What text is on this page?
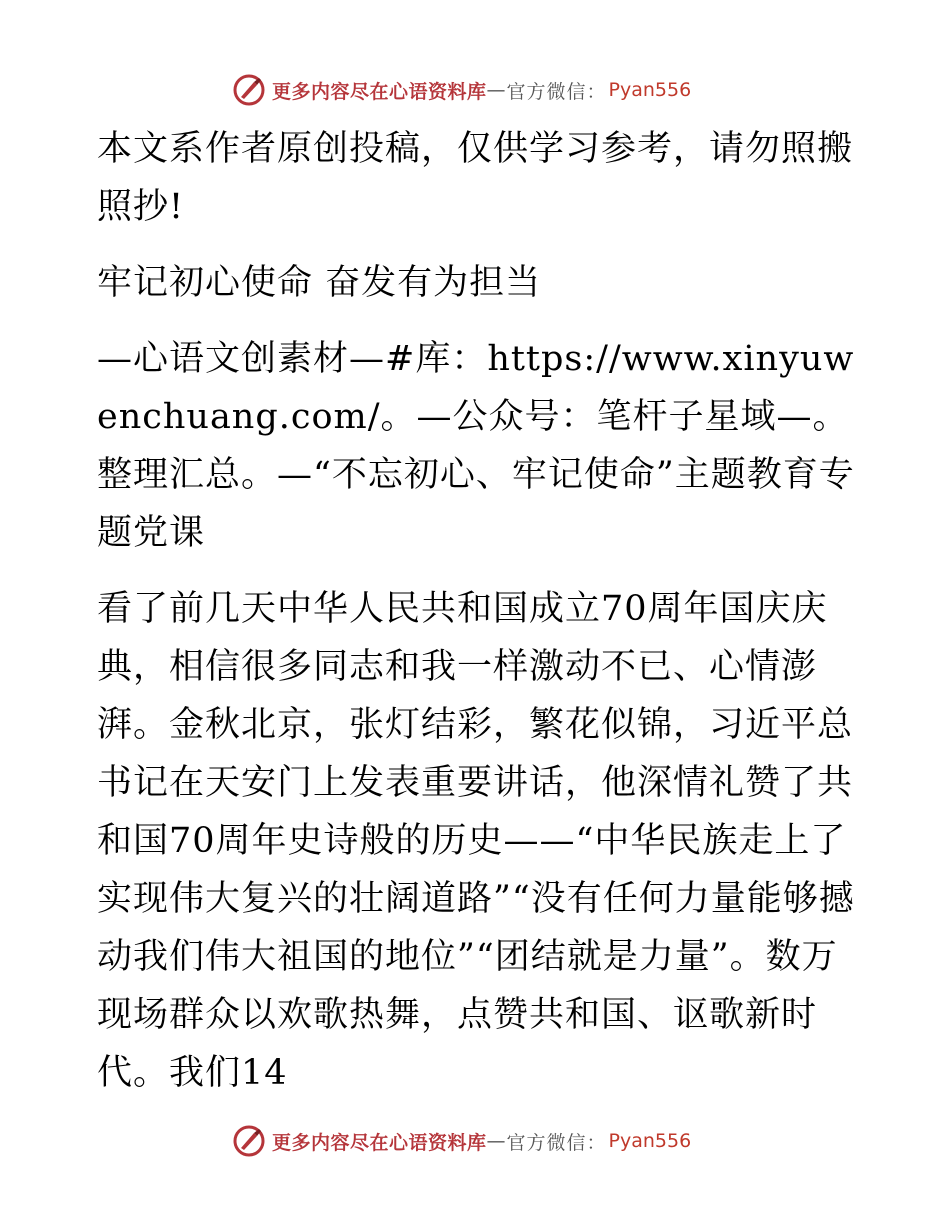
更多内容尽在心语资料库 — 官方微信： Pyan556

本文系作者原创投稿，仅供学习参考，请勿照搬照抄!

牢记初心使命 奋发有为担当

—心语文创素材—#库：https://www.xinyuwenchuang.com/。—公众号：笔杆子星域—。整理汇总。—“不忘初心、牢记使命”主题教育专题党课

看了前几天中华人民共和国成立70周年国庆庆典，相信很多同志和我一样激动不已、心情澎湃。金秋北京，张灯结彩，繁花似锦，习近平总书记在天安门上发表重要讲话，他深情礼赞了共和国70周年史诗般的历史——“中华民族走上了实现伟大复兴的壮阔道路”“没有任何力量能够撼动我们伟大祖国的地位”“团结就是力量”。数万现场群众以欢歌热舞，点赞共和国、讴歌新时代。我们14

更多内容尽在心语资料库 — 官方微信： Pyan556
